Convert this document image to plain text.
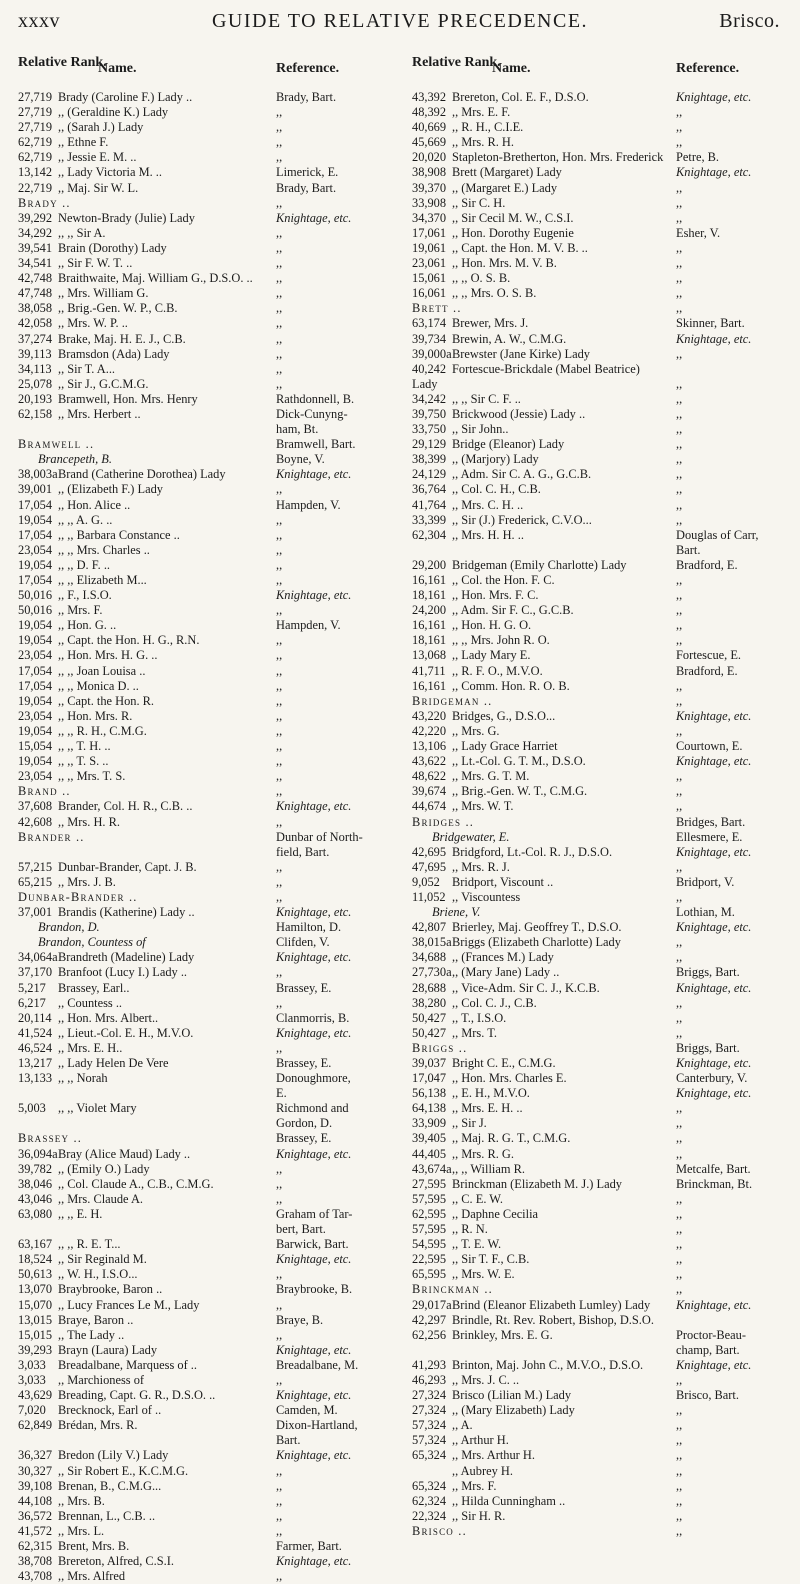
xxxv	GUIDE TO RELATIVE PRECEDENCE.	Brisco.
Relative Rank.
Name.	Reference.
27,719 Brady (Caroline F.) Lady ..	Brady, Bart.
27,719 ,, (Geraldine K.) Lady	,,
27,719 ,, (Sarah J.) Lady	,,
62,719 ,, Ethne F.	,,
62,719 ,, Jessie E. M. ..	,,
13,142 ,, Lady Victoria M. ..	Limerick, E.
22,719 ,, Maj. Sir W. L.	Brady, Bart.
Brady ..	,,
39,292 Newton-Brady (Julie) Lady	Knightage, etc.
34,292 ,, ,, Sir A.	,,
39,541 Brain (Dorothy) Lady	,,
34,541 ,, Sir F. W. T. ..	,,
42,748 Braithwaite, Maj. William G., D.S.O. ..	,,
47,748 ,, Mrs. William G.	,,
38,058 ,, Brig.-Gen. W. P., C.B.	,,
42,058 ,, Mrs. W. P. ..	,,
37,274 Brake, Maj. H. E. J., C.B.	,,
39,113 Bramsdon (Ada) Lady	,,
34,113 ,, Sir T. A...	,,
25,078 ,, Sir J., G.C.M.G.	,,
20,193 Bramwell, Hon. Mrs. Henry	Rathdonnell, B.
62,158 ,, Mrs. Herbert ..	Dick-Cunyng-
ham, Bt.
Bramwell ..	Bramwell, Bart.
Brancepeth, B.	Boyne, V.
38,003a Brand (Catherine Dorothea) Lady	Knightage, etc.
39,001 ,, (Elizabeth F.) Lady	,,
17,054 ,, Hon. Alice ..	Hampden, V.
19,054 ,, ,, A. G. ..	,,
17,054 ,, ,, Barbara Constance ..	,,
23,054 ,, ,, Mrs. Charles ..	,,
19,054 ,, ,, D. F. ..	,,
17,054 ,, ,, Elizabeth M...	,,
50,016 ,, F., I.S.O.	Knightage, etc.
50,016 ,, Mrs. F.	,,
19,054 ,, Hon. G. ..	Hampden, V.
19,054 ,, Capt. the Hon. H. G., R.N.	,,
23,054 ,, Hon. Mrs. H. G. ..	,,
17,054 ,, ,, Joan Louisa ..	,,
17,054 ,, ,, Monica D. ..	,,
19,054 ,, Capt. the Hon. R.	,,
23,054 ,, Hon. Mrs. R.	,,
19,054 ,, ,, R. H., C.M.G.	,,
15,054 ,, ,, T. H. ..	,,
19,054 ,, ,, T. S. ..	,,
23,054 ,, ,, Mrs. T. S.	,,
Brand ..	,,
37,608 Brander, Col. H. R., C.B. ..	Knightage, etc.
42,608 ,, Mrs. H. R.	,,
Brander ..	Dunbar of North-
field, Bart.
57,215 Dunbar-Brander, Capt. J. B.	,,
65,215 ,, Mrs. J. B.	,,
Dunbar-Brander ..	,,
37,001 Brandis (Katherine) Lady ..	Knightage, etc.
Brandon, D.	Hamilton, D.
Brandon, Countess of	Clifden, V.
34,064a Brandreth (Madeline) Lady	Knightage, etc.
37,170 Branfoot (Lucy I.) Lady ..	,,
5,217 Brassey, Earl..	Brassey, E.
6,217 ,, Countess ..	,,
20,114 ,, Hon. Mrs. Albert..	Clanmorris, B.
41,524 ,, Lieut.-Col. E. H., M.V.O.	Knightage, etc.
46,524 ,, Mrs. E. H..	,,
13,217 ,, Lady Helen De Vere	Brassey, E.
13,133 ,, ,, Norah	Donoughmore,
E.
5,003 ,, ,, Violet Mary	Richmond and
Gordon, D.
Brassey ..	Brassey, E.
36,094a Bray (Alice Maud) Lady ..	Knightage, etc.
39,782 ,, (Emily O.) Lady	,,
38,046 ,, Col. Claude A., C.B., C.M.G.	,,
43,046 ,, Mrs. Claude A.	,,
63,080 ,, ,, E. H.	Graham of Tar-
bert, Bart.
63,167 ,, ,, R. E. T...	Barwick, Bart.
18,524 ,, Sir Reginald M.	Knightage, etc.
50,613 ,, W. H., I.S.O...	,,
13,070 Braybrooke, Baron ..	Braybrooke, B.
15,070 ,, Lucy Frances Le M., Lady	,,
13,015 Braye, Baron ..	Braye, B.
15,015 ,, The Lady ..	,,
39,293 Brayn (Laura) Lady	Knightage, etc.
3,033 Breadalbane, Marquess of ..	Breadalbane, M.
3,033 ,, Marchioness of	,,
43,629 Breading, Capt. G. R., D.S.O. ..	Knightage, etc.
7,020 Brecknock, Earl of ..	Camden, M.
62,849 Brédan, Mrs. R.	Dixon-Hartland,
Bart.
36,327 Bredon (Lily V.) Lady	Knightage, etc.
30,327 ,, Sir Robert E., K.C.M.G.	,,
39,108 Brenan, B., C.M.G...	,,
44,108 ,, Mrs. B.	,,
36,572 Brennan, L., C.B. ..	,,
41,572 ,, Mrs. L.	,,
62,315 Brent, Mrs. B.	Farmer, Bart.
38,708 Brereton, Alfred, C.S.I.	Knightage, etc.
43,708 ,, Mrs. Alfred	,,
Relative Rank.
Name.	Reference.
43,392 Brereton, Col. E. F., D.S.O.	Knightage, etc.
48,392 ,, Mrs. E. F.	,,
40,669 ,, R. H., C.I.E.	,,
45,669 ,, Mrs. R. H.	,,
20,020 Stapleton-Bretherton, Hon. Mrs. Frederick	Petre, B.
38,908 Brett (Margaret) Lady	Knightage, etc.
39,370 ,, (Margaret E.) Lady	,,
33,908 ,, Sir C. H.	,,
34,370 ,, Sir Cecil M. W., C.S.I.	,,
17,061 ,, Hon. Dorothy Eugenie	Esher, V.
19,061 ,, Capt. the Hon. M. V. B. ..	,,
23,061 ,, Hon. Mrs. M. V. B.	,,
15,061 ,, ,, O. S. B.	,,
16,061 ,, ,, Mrs. O. S. B.	,,
Brett ..	,,
63,174 Brewer, Mrs. J.	Skinner, Bart.
39,734 Brewin, A. W., C.M.G.	Knightage, etc.
39,000a Brewster (Jane Kirke) Lady	,,
40,242 Fortescue-Brickdale (Mabel Beatrice)
Lady	,,
34,242 ,, ,, Sir C. F. ..	,,
39,750 Brickwood (Jessie) Lady ..	,,
33,750 ,, Sir John..	,,
29,129 Bridge (Eleanor) Lady	,,
38,399 ,, (Marjory) Lady	,,
24,129 ,, Adm. Sir C. A. G., G.C.B.	,,
36,764 ,, Col. C. H., C.B.	,,
41,764 ,, Mrs. C. H. ..	,,
33,399 ,, Sir (J.) Frederick, C.V.O...	,,
62,304 ,, Mrs. H. H. ..	Douglas of Carr,
Bart.
29,200 Bridgeman (Emily Charlotte) Lady	Bradford, E.
16,161 ,, Col. the Hon. F. C.	,,
18,161 ,, Hon. Mrs. F. C.	,,
24,200 ,, Adm. Sir F. C., G.C.B.	,,
16,161 ,, Hon. H. G. O.	,,
18,161 ,, ,, Mrs. John R. O.	,,
13,068 ,, Lady Mary E.	Fortescue, E.
41,711 ,, R. F. O., M.V.O.	Bradford, E.
16,161 ,, Comm. Hon. R. O. B.	,,
Bridgeman ..	,,
43,220 Bridges, G., D.S.O...	Knightage, etc.
42,220 ,, Mrs. G.	,,
13,106 ,, Lady Grace Harriet	Courtown, E.
43,622 ,, Lt.-Col. G. T. M., D.S.O.	Knightage, etc.
48,622 ,, Mrs. G. T. M.	,,
39,674 ,, Brig.-Gen. W. T., C.M.G.	,,
44,674 ,, Mrs. W. T.	,,
Bridges ..	Bridges, Bart.
Bridgewater, E.	Ellesmere, E.
42,695 Bridgford, Lt.-Col. R. J., D.S.O.	Knightage, etc.
47,695 ,, Mrs. R. J.	,,
9,052 Bridport, Viscount ..	Bridport, V.
11,052 ,, Viscountess	,,
Briene, V.	Lothian, M.
42,807 Brierley, Maj. Geoffrey T., D.S.O.	Knightage, etc.
38,015a Briggs (Elizabeth Charlotte) Lady	,,
34,688 ,, (Frances M.) Lady	,,
27,730a ,, (Mary Jane) Lady ..	Briggs, Bart.
28,688 ,, Vice-Adm. Sir C. J., K.C.B.	Knightage, etc.
38,280 ,, Col. C. J., C.B.	,,
50,427 ,, T., I.S.O.	,,
50,427 ,, Mrs. T.	,,
Briggs ..	Briggs, Bart.
39,037 Bright C. E., C.M.G.	Knightage, etc.
17,047 ,, Hon. Mrs. Charles E.	Canterbury, V.
56,138 ,, E. H., M.V.O.	Knightage, etc.
64,138 ,, Mrs. E. H. ..	,,
33,909 ,, Sir J.	,,
39,405 ,, Maj. R. G. T., C.M.G.	,,
44,405 ,, Mrs. R. G.	,,
43,674a ,, ,, William R.	Metcalfe, Bart.
27,595 Brinckman (Elizabeth M. J.) Lady	Brinckman, Bt.
57,595 ,, C. E. W.	,,
62,595 ,, Daphne Cecilia	,,
57,595 ,, R. N.	,,
54,595 ,, T. E. W.	,,
22,595 ,, Sir T. F., C.B.	,,
65,595 ,, Mrs. W. E.	,,
Brinckman ..	,,
29,017a Brind (Eleanor Elizabeth Lumley) Lady	Knightage, etc.
42,297 Brindle, Rt. Rev. Robert, Bishop, D.S.O.
62,256 Brinkley, Mrs. E. G.	Proctor-Beau-
champ, Bart.
41,293 Brinton, Maj. John C., M.V.O., D.S.O.	Knightage, etc.
46,293 ,, Mrs. J. C. ..	,,
27,324 Brisco (Lilian M.) Lady	Brisco, Bart.
27,324 ,, (Mary Elizabeth) Lady	,,
57,324 ,, A.	,,
57,324 ,, Arthur H.	,,
65,324 ,, Mrs. Arthur H.	,,
,, Aubrey H.	,,
65,324 ,, Mrs. F.	,,
62,324 ,, Hilda Cunningham ..	,,
22,324 ,, Sir H. R.	,,
Brisco ..	,,
